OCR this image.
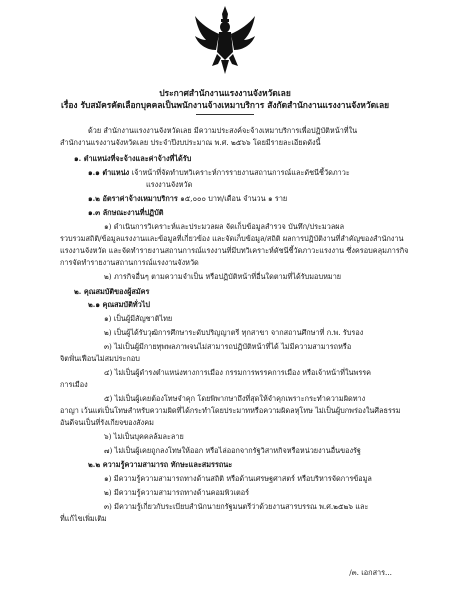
ประกาศสำนักงานแรงงานจังหวัดเลย
เรื่อง รับสมัครคัดเลือกบุคคลเป็นพนักงานจ้างเหมาบริการ สังกัดสำนักงานแรงงานจังหวัดเลย
ด้วย สำนักงานแรงงานจังหวัดเลย มีความประสงค์จะจ้างเหมาบริการเพื่อปฏิบัติหน้าที่ใน
สำนักงานแรงงานจังหวัดเลย ประจำปีงบประมาณ พ.ศ. ๒๕๖๖ โดยมีรายละเอียดดังนี้
๑. ตำแหน่งที่จะจ้างและค่าจ้างที่ได้รับ
๑.๑ ตำแหน่ง เจ้าหน้าที่จัดทำบทวิเคราะห์การรายงานสถานการณ์และดัชนีชี้วัดภาวะ
แรงงานจังหวัด
๑.๒ อัตราค่าจ้างเหมาบริการ ๑๕,๐๐๐ บาท/เดือน จำนวน ๑ ราย
๑.๓ ลักษณะงานที่ปฏิบัติ
๑) ดำเนินการวิเคราะห์และประมวลผล จัดเก็บข้อมูลสำรวจ บันทึก/ประมวลผล
รวบรวมสถิติ/ข้อมูลแรงงานและข้อมูลที่เกี่ยวข้อง และจัดเก็บข้อมูล/สถิติ ผลการปฏิบัติงานที่สำคัญของสำนักงาน
แรงงานจังหวัด และจัดทำรายงานสถานการณ์แรงงานที่มีบทวิเคราะห์ดัชนีชี้วัดภาวะแรงงาน ซึ่งครอบคลุมภารกิจ
การจัดทำรายงานสถานการณ์แรงงานจังหวัด
๒) ภารกิจอื่นๆ ตามความจำเป็น หรือปฏิบัติหน้าที่อื่นใดตามที่ได้รับมอบหมาย
๒. คุณสมบัติของผู้สมัคร
๒.๑ คุณสมบัติทั่วไป
๑) เป็นผู้มีสัญชาติไทย
๒) เป็นผู้ได้รับวุฒิการศึกษาระดับปริญญาตรี ทุกสาขา จากสถานศึกษาที่ ก.พ. รับรอง
๓) ไม่เป็นผู้มีกายทุพพลภาพจนไม่สามารถปฏิบัติหน้าที่ได้ ไม่มีความสามารถหรือ
จิตฟั่นเฟือนไม่สมประกอบ
๔) ไม่เป็นผู้ดำรงตำแหน่งทางการเมือง กรรมการพรรคการเมือง หรือเจ้าหน้าที่ในพรรค
การเมือง
๕) ไม่เป็นผู้เคยต้องโทษจำคุก โดยพิพากษาถึงที่สุดให้จำคุกเพราะกระทำความผิดทาง
อาญา เว้นแต่เป็นโทษสำหรับความผิดที่ได้กระทำโดยประมาทหรือความผิดลหุโทษ ไม่เป็นผู้บกพร่องในศีลธรรม
อันดีจนเป็นที่รังเกียจของสังคม
๖) ไม่เป็นบุคคลล้มละลาย
๗) ไม่เป็นผู้เคยถูกลงโทษให้ออก หรือไล่ออกจากรัฐวิสาหกิจหรือหน่วยงานอื่นของรัฐ
๒.๒ ความรู้ความสามารถ ทักษะและสมรรถนะ
๑) มีความรู้ความสามารถทางด้านสถิติ หรือด้านเศรษฐศาสตร์ หรือบริหารจัดการข้อมูล
๒) มีความรู้ความสามารถทางด้านคอมพิวเตอร์
๓) มีความรู้เกี่ยวกับระเบียบสำนักนายกรัฐมนตรีว่าด้วยงานสารบรรณ พ.ศ.๒๕๒๖ และ
ที่แก้ไขเพิ่มเติม
/๓. เอกสาร...
